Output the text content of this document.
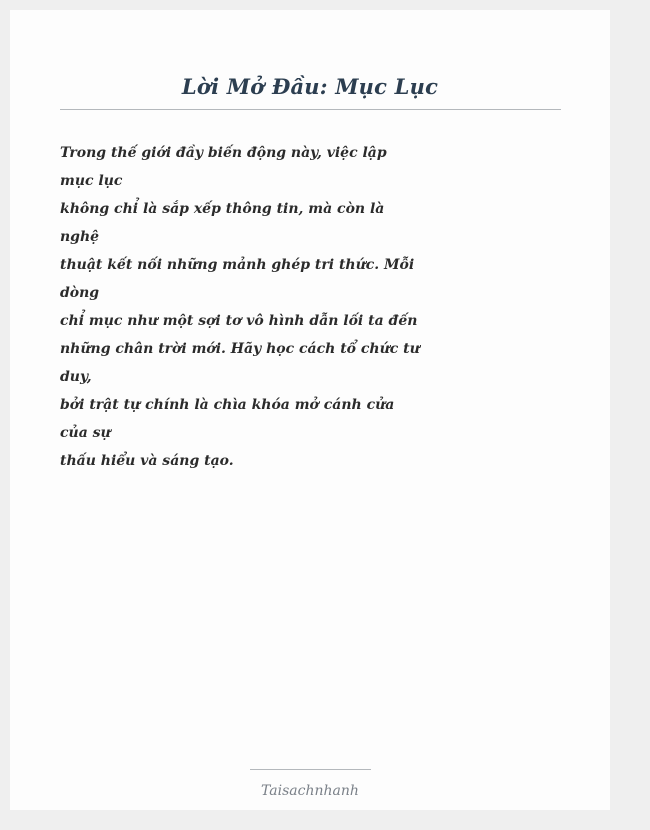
Lời Mở Đầu: Mục Lục
Trong thế giới đầy biến động này, việc lập
mục lục
không chỉ là sắp xếp thông tin, mà còn là
nghệ
thuật kết nối những mảnh ghép tri thức. Mỗi
dòng
chỉ mục như một sợi tơ vô hình dẫn lối ta đến
những chân trời mới. Hãy học cách tổ chức tư
duy,
bởi trật tự chính là chìa khóa mở cánh cửa
của sự
thấu hiểu và sáng tạo.
Taisachnhanh
